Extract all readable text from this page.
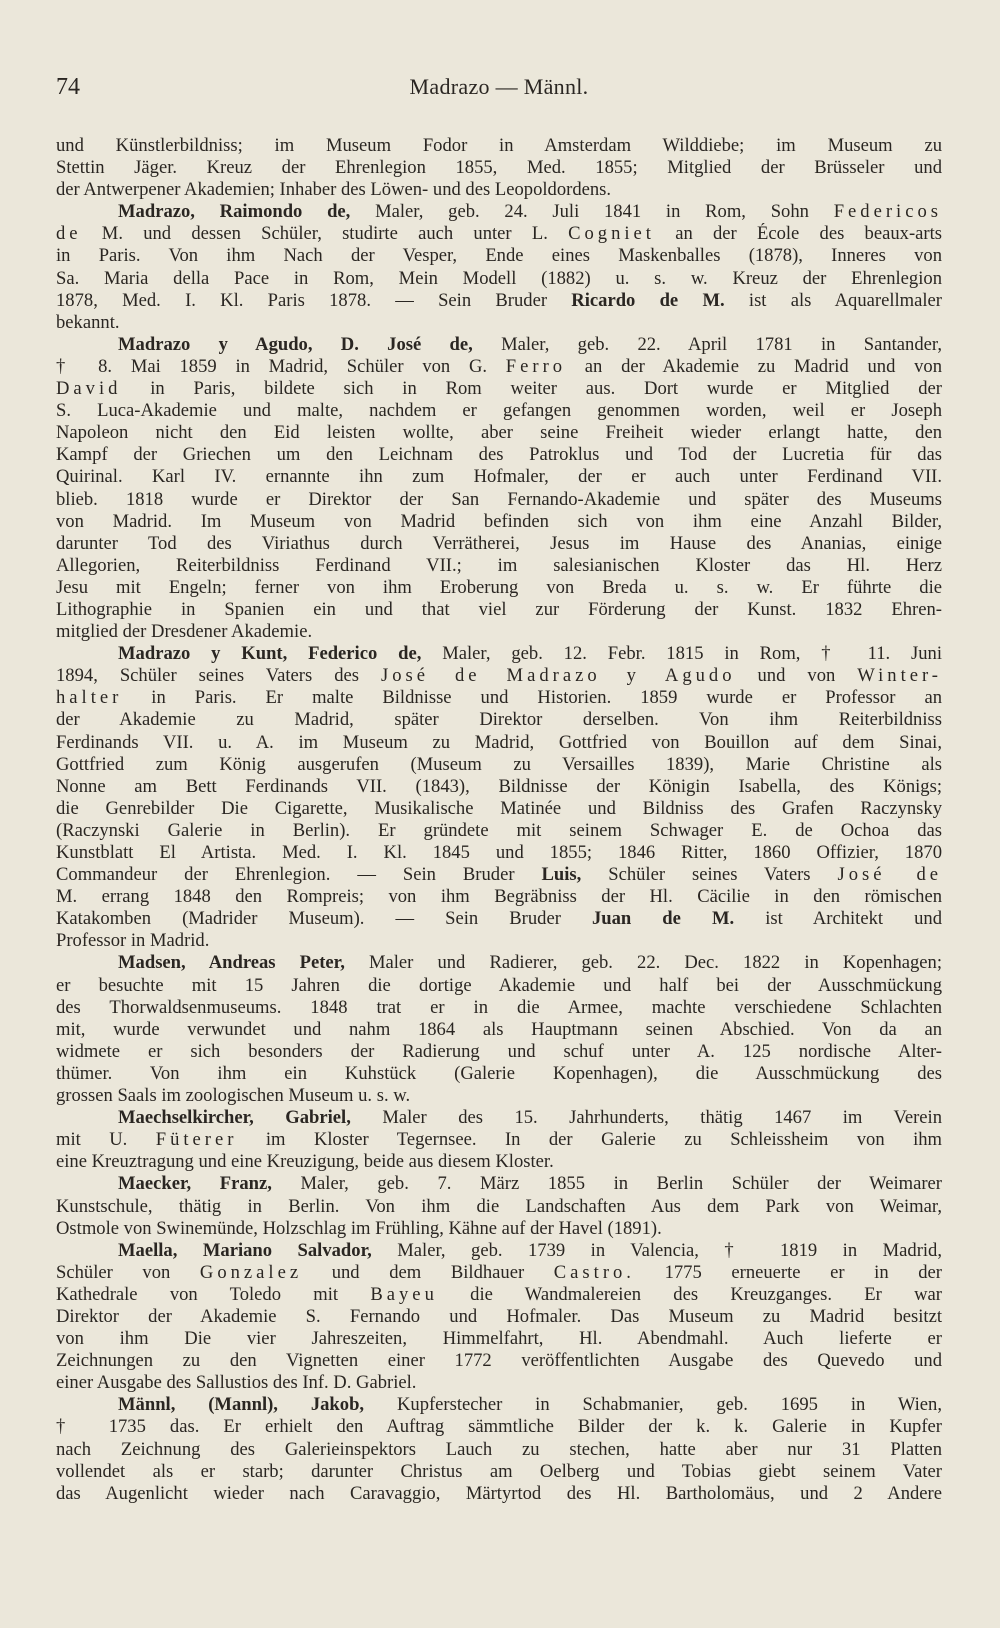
74	Madrazo — Männl.
und Künstlerbildniss; im Museum Fodor in Amsterdam Wilddiebe; im Museum zu
Stettin Jäger. Kreuz der Ehrenlegion 1855, Med. 1855; Mitglied der Brüsseler und
der Antwerpener Akademien; Inhaber des Löwen- und des Leopoldordens.
Madrazo, Raimondo de, Maler, geb. 24. Juli 1841 in Rom, Sohn Federicos
de M. und dessen Schüler, studirte auch unter L. Cogniet an der École des beaux-arts
in Paris. Von ihm Nach der Vesper, Ende eines Maskenballes (1878), Inneres von
Sa. Maria della Pace in Rom, Mein Modell (1882) u. s. w. Kreuz der Ehrenlegion
1878, Med. I. Kl. Paris 1878. — Sein Bruder Ricardo de M. ist als Aquarellmaler
bekannt.
Madrazo y Agudo, D. José de, Maler, geb. 22. April 1781 in Santander,
† 8. Mai 1859 in Madrid, Schüler von G. Ferro an der Akademie zu Madrid und von
David in Paris, bildete sich in Rom weiter aus. Dort wurde er Mitglied der
S. Luca-Akademie und malte, nachdem er gefangen genommen worden, weil er Joseph
Napoleon nicht den Eid leisten wollte, aber seine Freiheit wieder erlangt hatte, den
Kampf der Griechen um den Leichnam des Patroklus und Tod der Lucretia für das
Quirinal. Karl IV. ernannte ihn zum Hofmaler, der er auch unter Ferdinand VII.
blieb. 1818 wurde er Direktor der San Fernando-Akademie und später des Museums
von Madrid. Im Museum von Madrid befinden sich von ihm eine Anzahl Bilder,
darunter Tod des Viriathus durch Verrätherei, Jesus im Hause des Ananias, einige
Allegorien, Reiterbildniss Ferdinand VII.; im salesianischen Kloster das Hl. Herz
Jesu mit Engeln; ferner von ihm Eroberung von Breda u. s. w. Er führte die
Lithographie in Spanien ein und that viel zur Förderung der Kunst. 1832 Ehren-
mitglied der Dresdener Akademie.
Madrazo y Kunt, Federico de, Maler, geb. 12. Febr. 1815 in Rom, † 11. Juni
1894, Schüler seines Vaters des José de Madrazo y Agudo und von Winter-
halter in Paris. Er malte Bildnisse und Historien. 1859 wurde er Professor an
der Akademie zu Madrid, später Direktor derselben. Von ihm Reiterbildniss
Ferdinands VII. u. A. im Museum zu Madrid, Gottfried von Bouillon auf dem Sinai,
Gottfried zum König ausgerufen (Museum zu Versailles 1839), Marie Christine als
Nonne am Bett Ferdinands VII. (1843), Bildnisse der Königin Isabella, des Königs;
die Genrebilder Die Cigarette, Musikalische Matinée und Bildniss des Grafen Raczynsky
(Raczynski Galerie in Berlin). Er gründete mit seinem Schwager E. de Ochoa das
Kunstblatt El Artista. Med. I. Kl. 1845 und 1855; 1846 Ritter, 1860 Offizier, 1870
Commandeur der Ehrenlegion. — Sein Bruder Luis, Schüler seines Vaters José de
M. errang 1848 den Rompreis; von ihm Begräbniss der Hl. Cäcilie in den römischen
Katakomben (Madrider Museum). — Sein Bruder Juan de M. ist Architekt und
Professor in Madrid.
Madsen, Andreas Peter, Maler und Radierer, geb. 22. Dec. 1822 in Kopenhagen;
er besuchte mit 15 Jahren die dortige Akademie und half bei der Ausschmückung
des Thorwaldsenmuseums. 1848 trat er in die Armee, machte verschiedene Schlachten
mit, wurde verwundet und nahm 1864 als Hauptmann seinen Abschied. Von da an
widmete er sich besonders der Radierung und schuf unter A. 125 nordische Alter-
thümer. Von ihm ein Kuhstück (Galerie Kopenhagen), die Ausschmückung des
grossen Saals im zoologischen Museum u. s. w.
Maechselkircher, Gabriel, Maler des 15. Jahrhunderts, thätig 1467 im Verein
mit U. Füterer im Kloster Tegernsee. In der Galerie zu Schleissheim von ihm
eine Kreuztragung und eine Kreuzigung, beide aus diesem Kloster.
Maecker, Franz, Maler, geb. 7. März 1855 in Berlin Schüler der Weimarer
Kunstschule, thätig in Berlin. Von ihm die Landschaften Aus dem Park von Weimar,
Ostmole von Swinemünde, Holzschlag im Frühling, Kähne auf der Havel (1891).
Maella, Mariano Salvador, Maler, geb. 1739 in Valencia, † 1819 in Madrid,
Schüler von Gonzalez und dem Bildhauer Castro. 1775 erneuerte er in der
Kathedrale von Toledo mit Bayeu die Wandmalereien des Kreuzganges. Er war
Direktor der Akademie S. Fernando und Hofmaler. Das Museum zu Madrid besitzt
von ihm Die vier Jahreszeiten, Himmelfahrt, Hl. Abendmahl. Auch lieferte er
Zeichnungen zu den Vignetten einer 1772 veröffentlichten Ausgabe des Quevedo und
einer Ausgabe des Sallustios des Inf. D. Gabriel.
Männl, (Mannl), Jakob, Kupferstecher in Schabmanier, geb. 1695 in Wien,
† 1735 das. Er erhielt den Auftrag sämmtliche Bilder der k. k. Galerie in Kupfer
nach Zeichnung des Galerieinspektors Lauch zu stechen, hatte aber nur 31 Platten
vollendet als er starb; darunter Christus am Oelberg und Tobias giebt seinem Vater
das Augenlicht wieder nach Caravaggio, Märtyrtod des Hl. Bartholomäus, und 2 Andere
